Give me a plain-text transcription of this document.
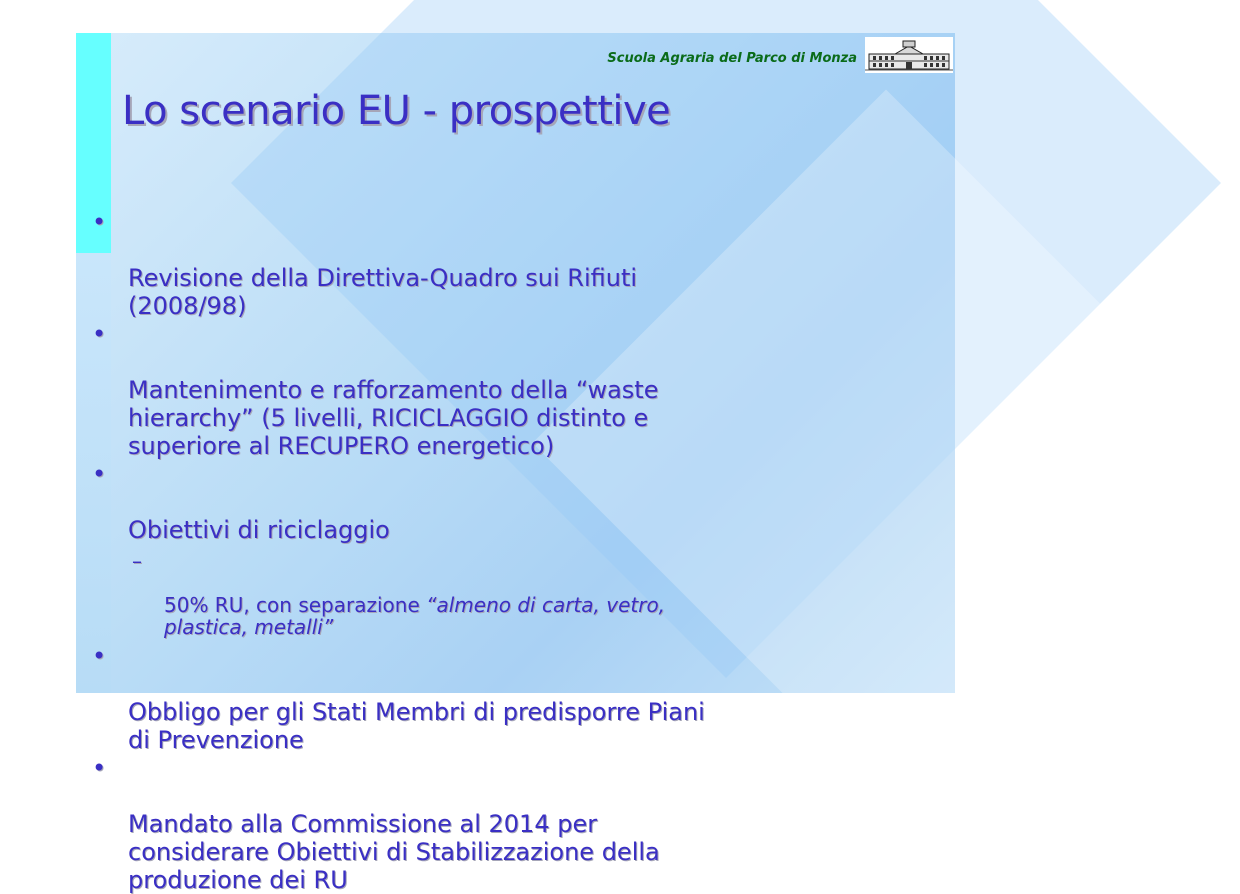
Scuola Agraria del Parco di Monza
Lo scenario EU - prospettive

•

Revisione della Direttiva-Quadro sui Rifiuti
(2008/98)

•

Mantenimento e rafforzamento della “waste
hierarchy” (5 livelli, RICICLAGGIO distinto e
superiore al RECUPERO energetico)

•

Obiettivi di riciclaggio

–

50% RU, con separazione “almeno di carta, vetro,
plastica, metalli”

•

Obbligo per gli Stati Membri di predisporre Piani
di Prevenzione

•

Mandato alla Commissione al 2014 per
considerare Obiettivi di Stabilizzazione della
produzione dei RU
